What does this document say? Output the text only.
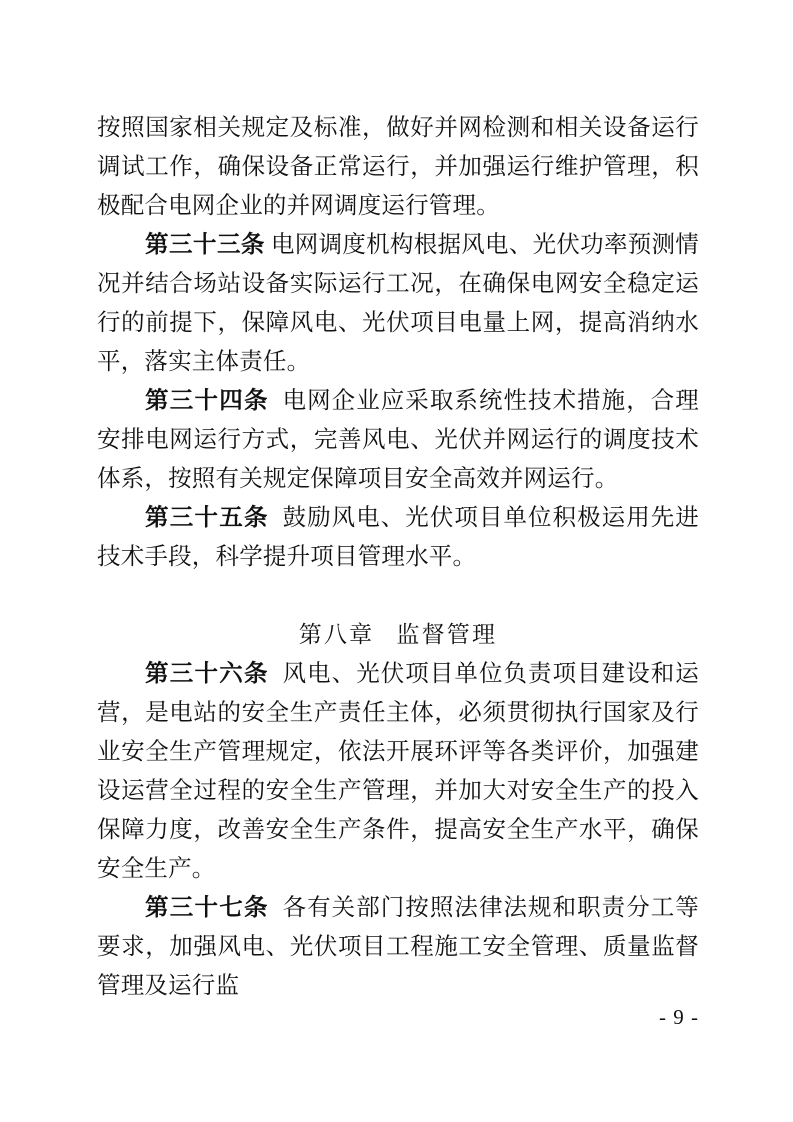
按照国家相关规定及标准，做好并网检测和相关设备运行调试工作，确保设备正常运行，并加强运行维护管理，积极配合电网企业的并网调度运行管理。

第三十三条 电网调度机构根据风电、光伏功率预测情况并结合场站设备实际运行工况，在确保电网安全稳定运行的前提下，保障风电、光伏项目电量上网，提高消纳水平，落实主体责任。

第三十四条 电网企业应采取系统性技术措施，合理安排电网运行方式，完善风电、光伏并网运行的调度技术体系，按照有关规定保障项目安全高效并网运行。

第三十五条 鼓励风电、光伏项目单位积极运用先进技术手段，科学提升项目管理水平。

第八章 监督管理

第三十六条 风电、光伏项目单位负责项目建设和运营，是电站的安全生产责任主体，必须贯彻执行国家及行业安全生产管理规定，依法开展环评等各类评价，加强建设运营全过程的安全生产管理，并加大对安全生产的投入保障力度，改善安全生产条件，提高安全生产水平，确保安全生产。

第三十七条 各有关部门按照法律法规和职责分工等要求，加强风电、光伏项目工程施工安全管理、质量监督管理及运行监

- 9 -
